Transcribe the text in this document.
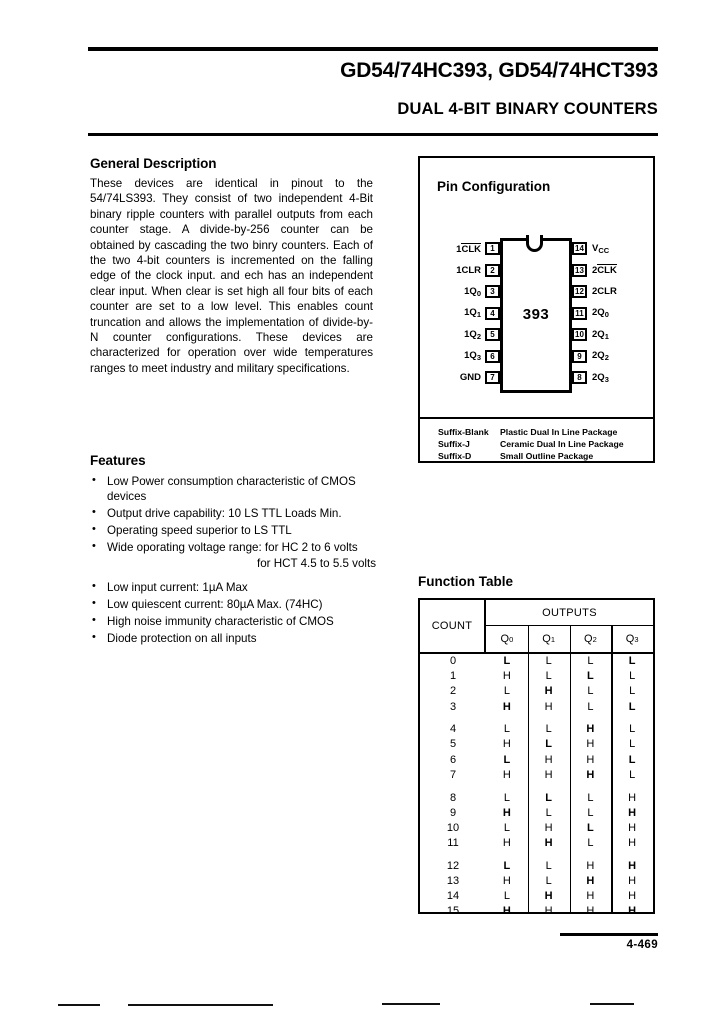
GD54/74HC393, GD54/74HCT393
DUAL 4-BIT BINARY COUNTERS
General Description
These devices are identical in pinout to the 54/74LS393. They consist of two independent 4-Bit binary ripple counters with parallel outputs from each counter stage. A divide-by-256 counter can be obtained by cascading the two binry counters. Each of the two 4-bit counters is incremented on the falling edge of the clock input. and ech has an independent clear input. When clear is set high all four bits of each counter are set to a low level. This enables count truncation and allows the implementation of divide-by-N counter configurations. These devices are characterized for operation over wide temperatures ranges to meet industry and military specifications.
Features
• Low Power consumption characteristic of CMOS devices
• Output drive capability: 10 LS TTL Loads Min.
• Operating speed superior to LS TTL
• Wide oporating voltage range: for HC 2 to 6 volts
for HCT 4.5 to 5.5 volts
• Low input current: 1µA Max
• Low quiescent current: 80µA Max. (74HC)
• High noise immunity characteristic of CMOS
• Diode protection on all inputs
Pin Configuration
393
1CLK	1
1CLR	2
$1Q_0$	3
$1Q_1$	4
$1Q_2$	5
$1Q_3$	6
GND	7
14 $V_{CC}$
13 2CLK
12 2CLR
11 $2Q_0$
10 $2Q_1$
9	$2Q_2$
8	$2Q_3$
Suffix-Blank Plastic Dual In Line Package
Suffix-J	Ceramic Dual In Line Package
Suffix-D	Small Outline Package
Function Table
COUNT
OUTPUTS
Q 0	Q 1	Q 2	Q 3
0	L	L	L	L
1	H	L	L	L
2	L	H	L	L
3	H	H	L	L
4	L	L	H	L
5	H	L	H	L
6	L	H	H	L
7	H	H	H	L
8	L	L	L	H
9	H	L	L	H
10	L	H	L	H
11	H	H	L	H
12	L	L	H	H
13	H	L	H	H
14	L	H	H	H
15	H	H	H	H
4-469
